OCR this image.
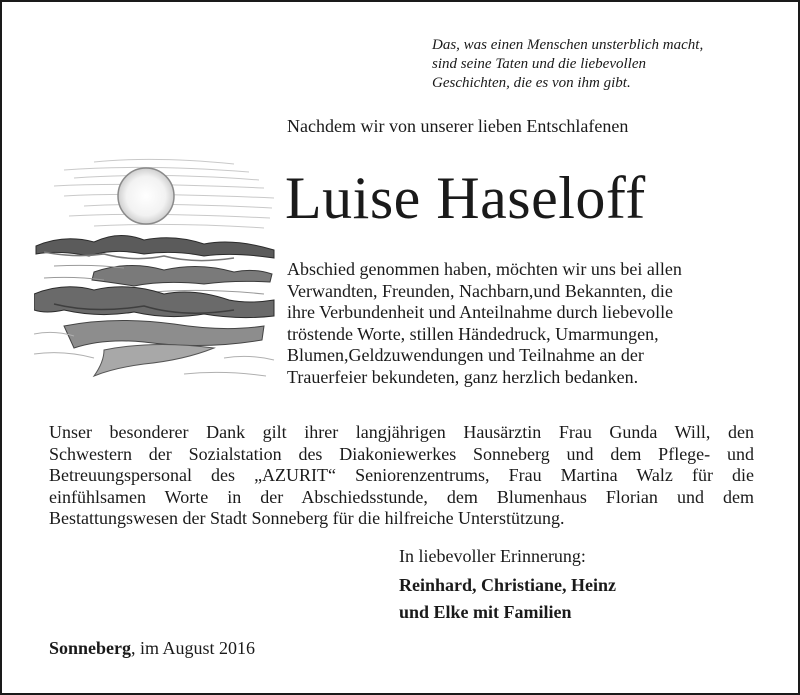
Das, was einen Menschen unsterblich macht,
sind seine Taten und die liebevollen
Geschichten, die es von ihm gibt.
Nachdem wir von unserer lieben Entschlafenen
Luise Haseloff
Abschied genommen haben, möchten wir uns bei allen
Verwandten, Freunden, Nachbarn,und Bekannten, die
ihre Verbundenheit und Anteilnahme durch liebevolle
tröstende Worte, stillen Händedruck, Umarmungen,
Blumen,Geldzuwendungen und Teilnahme an der
Trauerfeier bekundeten, ganz herzlich bedanken.
Unser besonderer Dank gilt ihrer langjährigen Hausärztin Frau Gunda Will, den
Schwestern der Sozialstation des Diakoniewerkes Sonneberg und dem Pflege- und
Betreuungspersonal des „AZURIT“ Seniorenzentrums, Frau Martina Walz für die
einfühlsamen Worte in der Abschiedsstunde, dem Blumenhaus Florian und dem
Bestattungswesen der Stadt Sonneberg für die hilfreiche Unterstützung.
In liebevoller Erinnerung:
Reinhard, Christiane, Heinz
und Elke mit Familien
Sonneberg, im August 2016
